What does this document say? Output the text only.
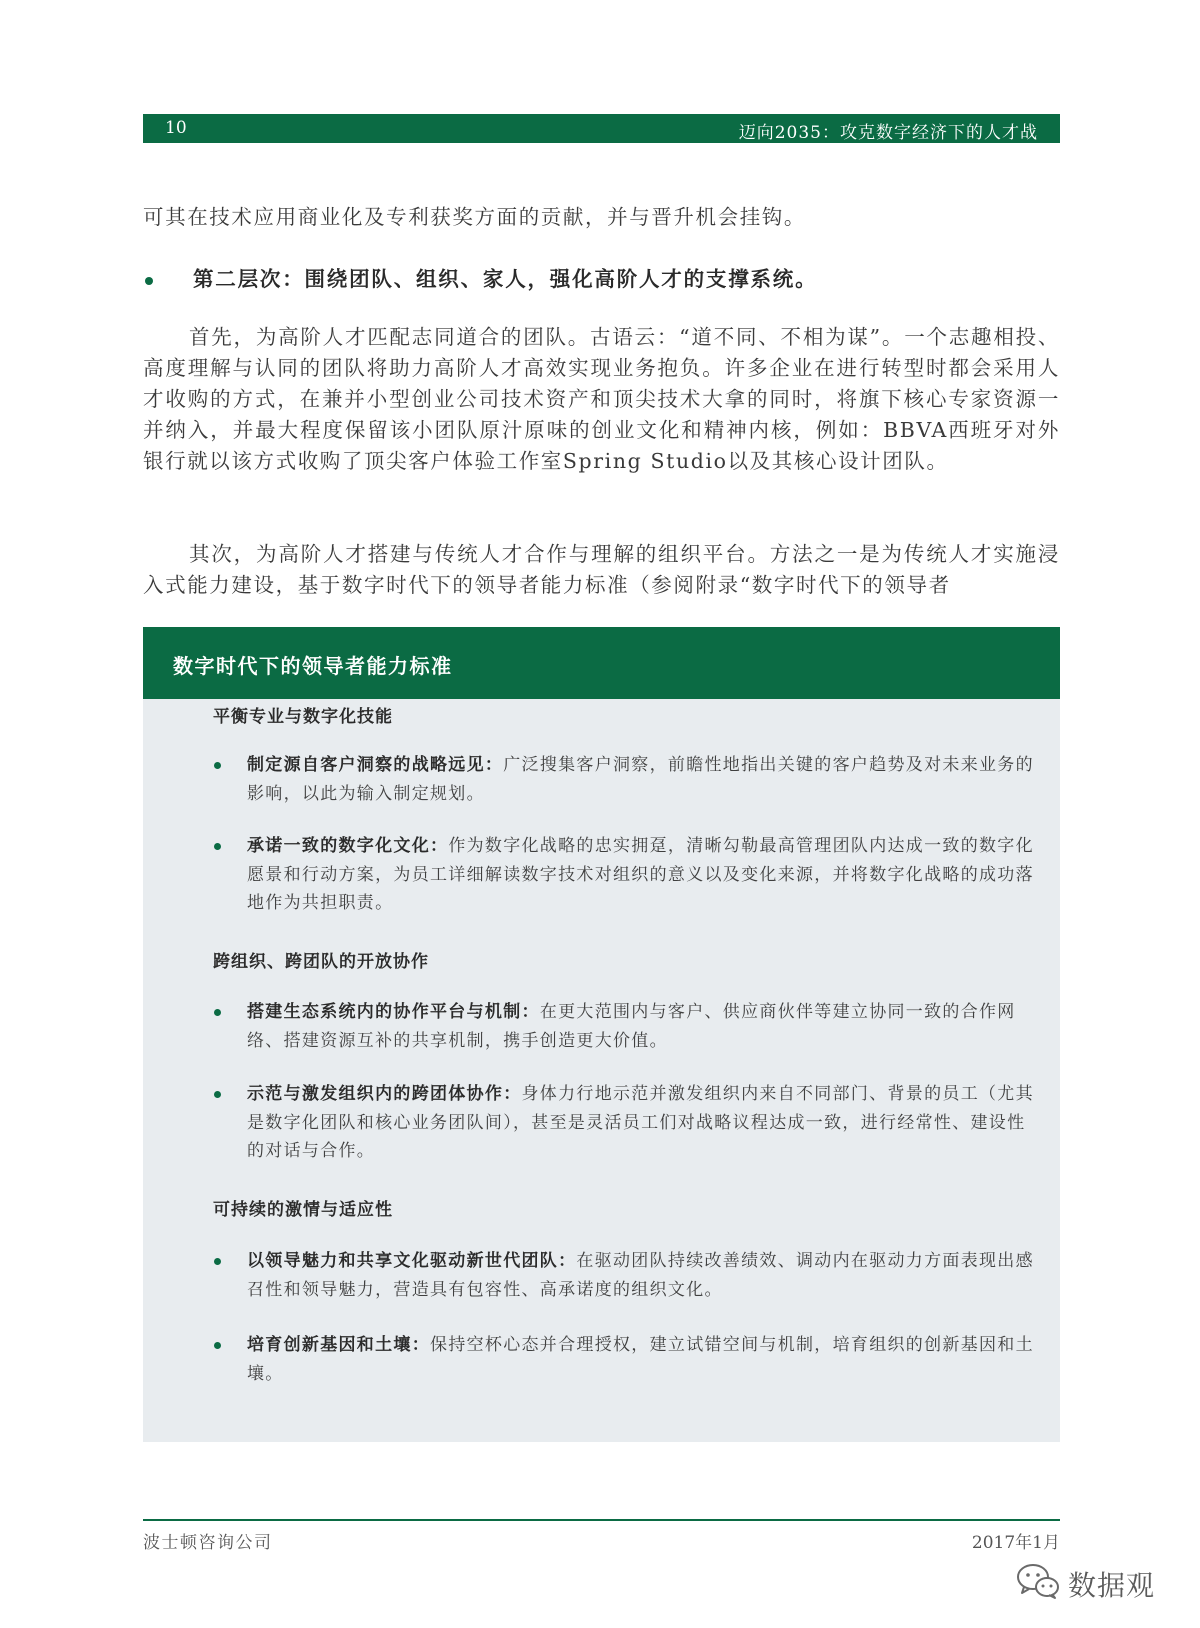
10	迈向2035：攻克数字经济下的人才战

可其在技术应用商业化及专利获奖方面的贡献，并与晋升机会挂钩。

第二层次：围绕团队、组织、家人，强化高阶人才的支撑系统。

首先，为高阶人才匹配志同道合的团队。古语云：“道不同、不相为谋”。一个志趣相投、高度理解与认同的团队将助力高阶人才高效实现业务抱负。许多企业在进行转型时都会采用人才收购的方式，在兼并小型创业公司技术资产和顶尖技术大拿的同时，将旗下核心专家资源一并纳入，并最大程度保留该小团队原汁原味的创业文化和精神内核，例如：BBVA西班牙对外银行就以该方式收购了顶尖客户体验工作室Spring Studio以及其核心设计团队。

其次，为高阶人才搭建与传统人才合作与理解的组织平台。方法之一是为传统人才实施浸入式能力建设，基于数字时代下的领导者能力标准（参阅附录“数字时代下的领导者

数字时代下的领导者能力标准
平衡专业与数字化技能
制定源自客户洞察的战略远见：广泛搜集客户洞察，前瞻性地指出关键的客户趋势及对未来业务的影响，以此为输入制定规划。
承诺一致的数字化文化：作为数字化战略的忠实拥趸，清晰勾勒最高管理团队内达成一致的数字化愿景和行动方案，为员工详细解读数字技术对组织的意义以及变化来源，并将数字化战略的成功落地作为共担职责。
跨组织、跨团队的开放协作
搭建生态系统内的协作平台与机制：在更大范围内与客户、供应商伙伴等建立协同一致的合作网络、搭建资源互补的共享机制，携手创造更大价值。
示范与激发组织内的跨团体协作：身体力行地示范并激发组织内来自不同部门、背景的员工（尤其是数字化团队和核心业务团队间），甚至是灵活员工们对战略议程达成一致，进行经常性、建设性的对话与合作。
可持续的激情与适应性
以领导魅力和共享文化驱动新世代团队：在驱动团队持续改善绩效、调动内在驱动力方面表现出感召性和领导魅力，营造具有包容性、高承诺度的组织文化。
培育创新基因和土壤：保持空杯心态并合理授权，建立试错空间与机制，培育组织的创新基因和土壤。
波士顿咨询公司	2017年1月
数据观
